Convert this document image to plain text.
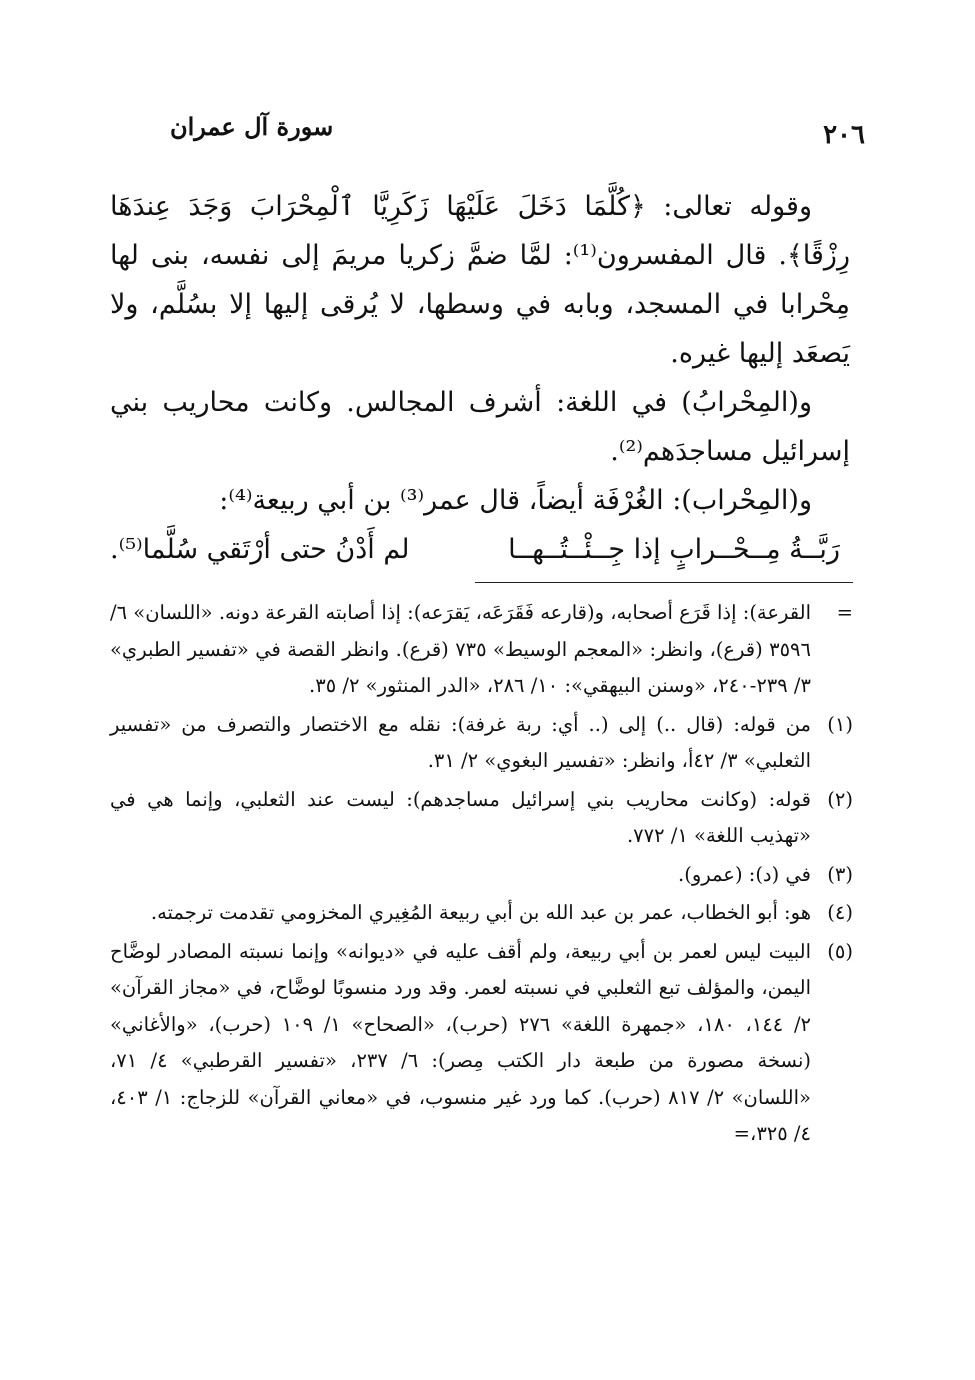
٢٠٦
سورة آل عمران

وقوله تعالى: ﴿كُلَّمَا دَخَلَ عَلَيْهَا زَكَرِيَّا ٱلْمِحْرَابَ وَجَدَ عِندَهَا رِزْقًا﴾. قال المفسرون⁽¹⁾: لمَّا ضمَّ زكريا مريمَ إلى نفسه، بنى لها مِحْرابا في المسجد، وبابه في وسطها، لا يُرقى إليها إلا بسُلَّم، ولا يَصعَد إليها غيره.

و(المِحْرابُ) في اللغة: أشرف المجالس. وكانت محاريب بني إسرائيل مساجدَهم⁽²⁾.

و(المِحْراب): الغُرْفَة أيضاً، قال عمر⁽³⁾ بن أبي ربيعة⁽⁴⁾:

رَبَّــةُ مِــحْــرابٍ إذا جِــئْــتُــهــا
لم أَدْنُ حتى أرْتَقي سُلَّما⁽⁵⁾.
=
القرعة): إذا قَرَع أصحابه، و(قارعه فَقَرَعَه، يَقرَعه): إذا أصابته القرعة دونه. «اللسان» ٦/ ٣٥٩٦ (قرع)، وانظر: «المعجم الوسيط» ٧٣٥ (قرع). وانظر القصة في «تفسير الطبري» ٣/ ٢٣٩-٢٤٠، «وسنن البيهقي»: ١٠/ ٢٨٦، «الدر المنثور» ٢/ ٣٥.
(١)
من قوله: (قال ..) إلى (.. أي: ربة غرفة): نقله مع الاختصار والتصرف من «تفسير الثعلبي» ٣/ ٤٢أ، وانظر: «تفسير البغوي» ٢/ ٣١.
(٢)
قوله: (وكانت محاريب بني إسرائيل مساجدهم): ليست عند الثعلبي، وإنما هي في «تهذيب اللغة» ١/ ٧٧٢.
(٣)
في (د): (عمرو).
(٤)
هو: أبو الخطاب، عمر بن عبد الله بن أبي ربيعة المُغِيري المخزومي تقدمت ترجمته.
(٥)
البيت ليس لعمر بن أبي ربيعة، ولم أقف عليه في «ديوانه» وإنما نسبته المصادر لوضَّاح اليمن، والمؤلف تبع الثعلبي في نسبته لعمر. وقد ورد منسوبًا لوضَّاح، في «مجاز القرآن» ٢/ ١٤٤، ١٨٠، «جمهرة اللغة» ٢٧٦ (حرب)، «الصحاح» ١/ ١٠٩ (حرب)، «والأغاني» (نسخة مصورة من طبعة دار الكتب مِصر): ٦/ ٢٣٧، «تفسير القرطبي» ٤/ ٧١، «اللسان» ٢/ ٨١٧ (حرب). كما ورد غير منسوب، في «معاني القرآن» للزجاج: ١/ ٤٠٣، ٤/ ٣٢٥،=
